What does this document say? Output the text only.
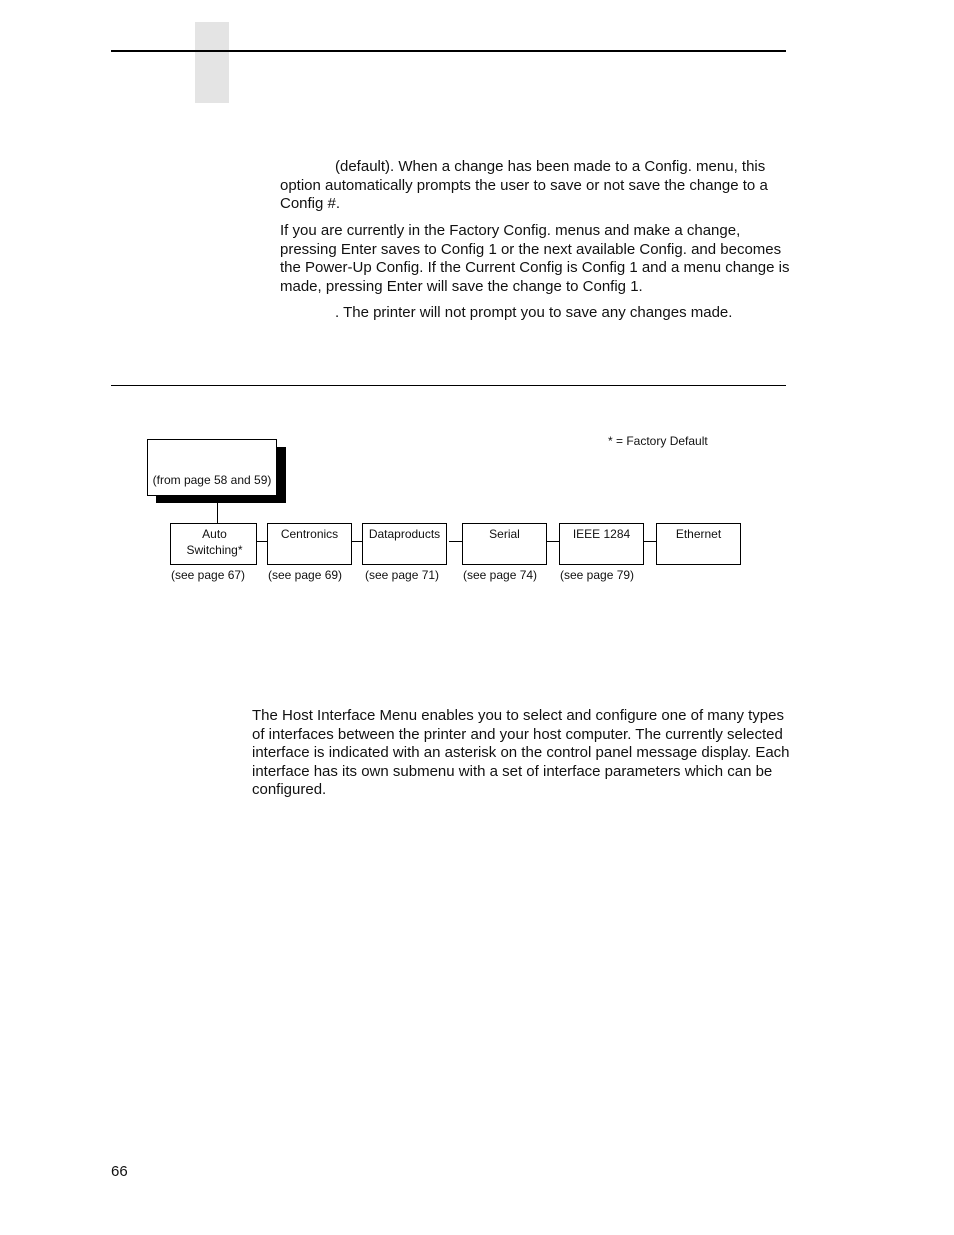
(default). When a change has been made to a Config. menu, this option automatically prompts the user to save or not save the change to a Config #.

If you are currently in the Factory Config. menus and make a change, pressing Enter saves to Config 1 or the next available Config. and becomes the Power-Up Config. If the Current Config is Config 1 and a menu change is made, pressing Enter will save the change to Config 1.

. The printer will not prompt you to save any changes made.

* = Factory Default
(from page 58 and 59)
Auto Switching*
Centronics	Dataproducts	Serial	IEEE 1284	Ethernet
(see page 67) (see page 69) (see page 71) (see page 74) (see page 79)

The Host Interface Menu enables you to select and configure one of many types of interfaces between the printer and your host computer. The currently selected interface is indicated with an asterisk on the control panel message display. Each interface has its own submenu with a set of interface parameters which can be configured.

66
